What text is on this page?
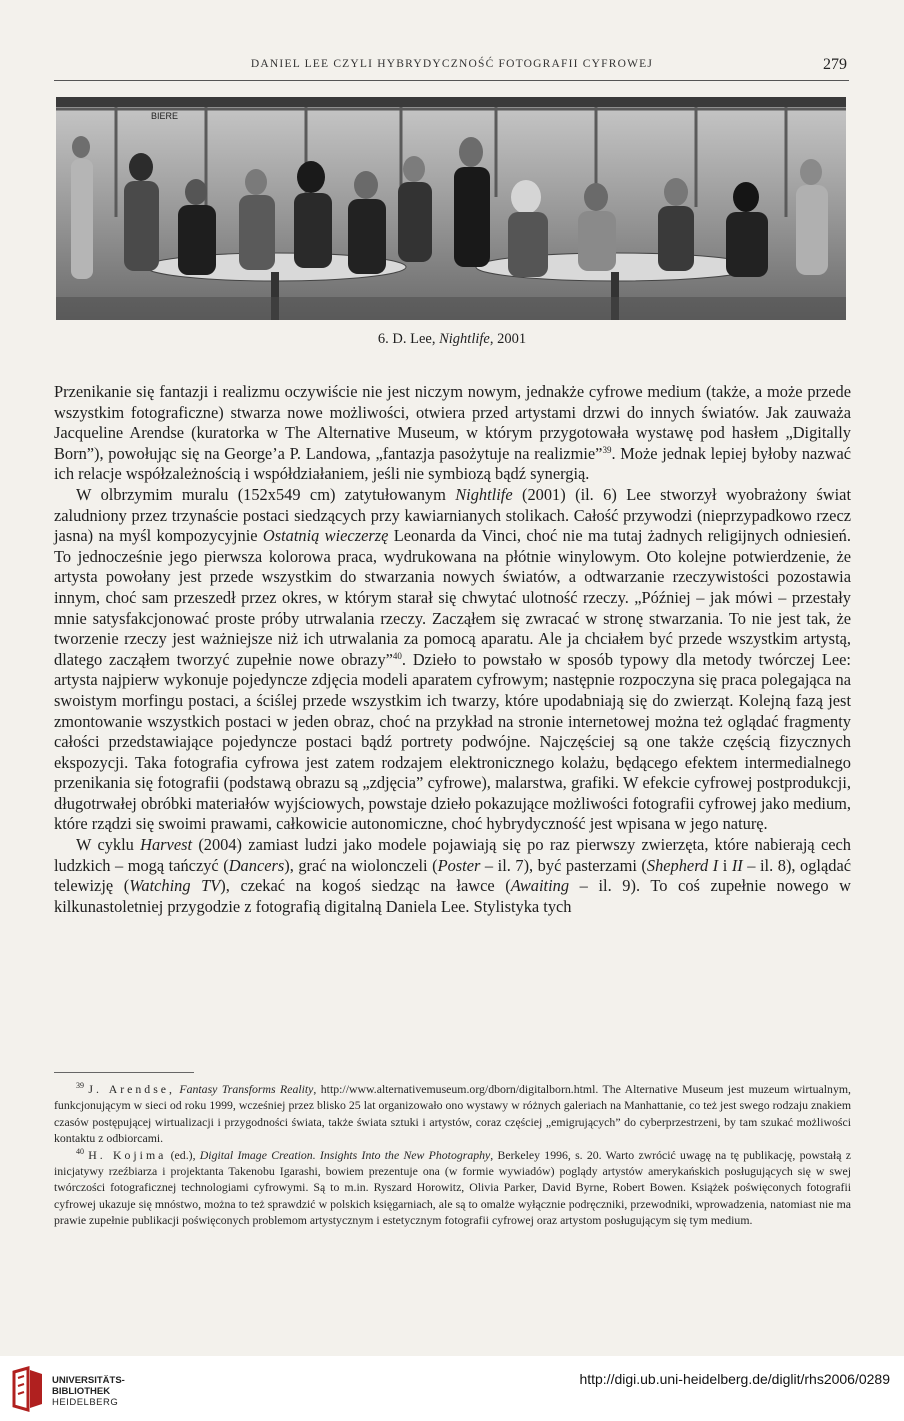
DANIEL LEE CZYLI HYBRYDYCZNOŚĆ FOTOGRAFII CYFROWEJ	279
BIERE
6. D. Lee, Nightlife, 2001

Przenikanie się fantazji i realizmu oczywiście nie jest niczym nowym, jednakże cyfrowe medium (także, a może przede wszystkim fotograficzne) stwarza nowe możliwości, otwiera przed artystami drzwi do innych światów. Jak zauważa Jacqueline Arendse (kuratorka w The Alternative Museum, w którym przygotowała wystawę pod hasłem „Digitally Born”), powołując się na George’a P. Landowa, „fantazja pasożytuje na realizmie”$^{39}$. Może jednak lepiej byłoby nazwać ich relacje współzależnością i współdziałaniem, jeśli nie symbiozą bądź synergią.

W olbrzymim muralu (152x549 cm) zatytułowanym Nightlife (2001) (il. 6) Lee stworzył wyobrażony świat zaludniony przez trzynaście postaci siedzących przy kawiarnianych stolikach. Całość przywodzi (nieprzypadkowo rzecz jasna) na myśl kompozycyjnie Ostatnią wieczerzę Leonarda da Vinci, choć nie ma tutaj żadnych religijnych odniesień. To jednocześnie jego pierwsza kolorowa praca, wydrukowana na płótnie winylowym. Oto kolejne potwierdzenie, że artysta powołany jest przede wszystkim do stwarzania nowych światów, a odtwarzanie rzeczywistości pozostawia innym, choć sam przeszedł przez okres, w którym starał się chwytać ulotność rzeczy. „Później – jak mówi – przestały mnie satysfakcjonować proste próby utrwalania rzeczy. Zacząłem się zwracać w stronę stwarzania. To nie jest tak, że tworzenie rzeczy jest ważniejsze niż ich utrwalania za pomocą aparatu. Ale ja chciałem być przede wszystkim artystą, dlatego zacząłem tworzyć zupełnie nowe obrazy”$^{40}$. Dzieło to powstało w sposób typowy dla metody twórczej Lee: artysta najpierw wykonuje pojedyncze zdjęcia modeli aparatem cyfrowym; następnie rozpoczyna się praca polegająca na swoistym morfingu postaci, a ściślej przede wszystkim ich twarzy, które upodabniają się do zwierząt. Kolejną fazą jest zmontowanie wszystkich postaci w jeden obraz, choć na przykład na stronie internetowej można też oglądać fragmenty całości przedstawiające pojedyncze postaci bądź portrety podwójne. Najczęściej są one także częścią fizycznych ekspozycji. Taka fotografia cyfrowa jest zatem rodzajem elektronicznego kolażu, będącego efektem intermedialnego przenikania się fotografii (podstawą obrazu są „zdjęcia” cyfrowe), malarstwa, grafiki. W efekcie cyfrowej postprodukcji, długotrwałej obróbki materiałów wyjściowych, powstaje dzieło pokazujące możliwości fotografii cyfrowej jako medium, które rządzi się swoimi prawami, całkowicie autonomiczne, choć hybrydyczność jest wpisana w jego naturę.

W cyklu Harvest (2004) zamiast ludzi jako modele pojawiają się po raz pierwszy zwierzęta, które nabierają cech ludzkich – mogą tańczyć (Dancers), grać na wiolonczeli (Poster – il. 7), być pasterzami (Shepherd I i II – il. 8), oglądać telewizję (Watching TV), czekać na kogoś siedząc na ławce (Awaiting – il. 9). To coś zupełnie nowego w kilkunastoletniej przygodzie z fotografią digitalną Daniela Lee. Stylistyka tych

$^{39}$ J. Arendse, Fantasy Transforms Reality, http://www.alternativemuseum.org/dborn/digitalborn.html. The Alternative Museum jest muzeum wirtualnym, funkcjonującym w sieci od roku 1999, wcześniej przez blisko 25 lat organizowało ono wystawy w różnych galeriach na Manhattanie, co też jest swego rodzaju znakiem czasów postępującej wirtualizacji i przygodności świata, także świata sztuki i artystów, coraz częściej „emigrujących” do cyberprzestrzeni, by tam szukać możliwości kontaktu z odbiorcami.

$^{40}$ H. Kojima (ed.), Digital Image Creation. Insights Into the New Photography, Berkeley 1996, s. 20. Warto zwrócić uwagę na tę publikację, powstałą z inicjatywy rzeźbiarza i projektanta Takenobu Igarashi, bowiem prezentuje ona (w formie wywiadów) poglądy artystów amerykańskich posługujących się w swej twórczości fotograficznej technologiami cyfrowymi. Są to m.in. Ryszard Horowitz, Olivia Parker, David Byrne, Robert Bowen. Książek poświęconych fotografii cyfrowej ukazuje się mnóstwo, można to też sprawdzić w polskich księgarniach, ale są to omalże wyłącznie podręczniki, przewodniki, wprowadzenia, natomiast nie ma prawie zupełnie publikacji poświęconych problemom artystycznym i estetycznym fotografii cyfrowej oraz artystom posługującym się tym medium.

UNIVERSITÄTS-
BIBLIOTHEK
HEIDELBERG
http://digi.ub.uni-heidelberg.de/diglit/rhs2006/0289
